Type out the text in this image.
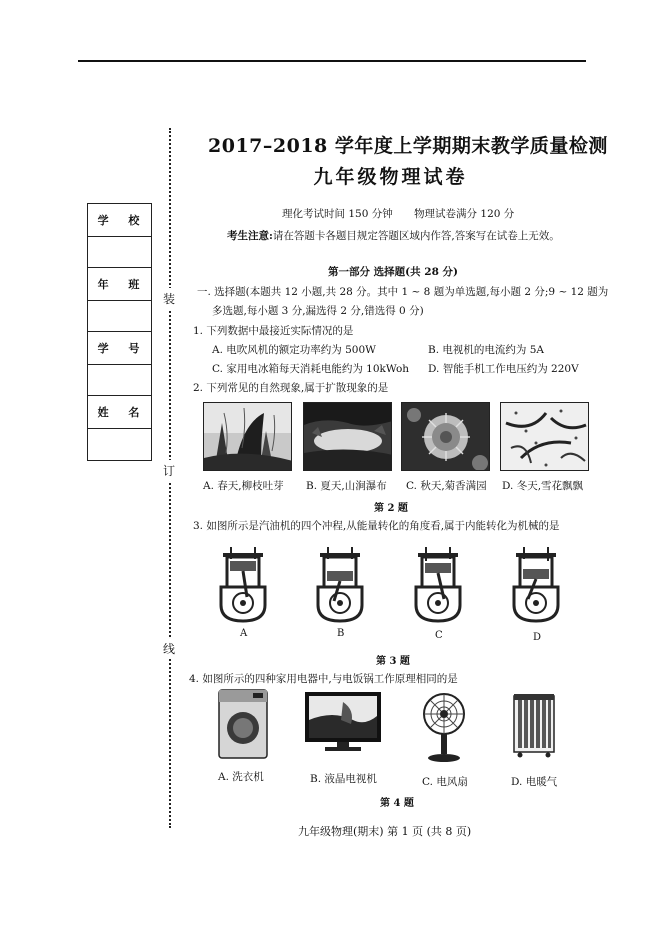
2017–2018 学年度上学期期末教学质量检测
九年级物理试卷
装
订
线
学 校
年 班
学 号
姓 名
理化考试时间 150 分钟 物理试卷满分 120 分
考生注意:请在答题卡各题目规定答题区域内作答,答案写在试卷上无效。
第一部分 选择题(共 28 分)
一. 选择题(本题共 12 小题,共 28 分。其中 1 ~ 8 题为单选题,每小题 2 分;9 ~ 12 题为
多选题,每小题 3 分,漏选得 2 分,错选得 0 分)
1. 下列数据中最接近实际情况的是
A. 电吹风机的额定功率约为 500W	B. 电视机的电流约为 5A
C. 家用电冰箱每天消耗电能约为 10kWoh D. 智能手机工作电压约为 220V
2. 下列常见的自然现象,属于扩散现象的是
A. 春天,柳枝吐芽 B. 夏天,山涧瀑布 C. 秋天,菊香满园 D. 冬天,雪花飘飘
第 2 题
3. 如图所示是汽油机的四个冲程,从能量转化的角度看,属于内能转化为机械的是
A	B	C	D
第 3 题
4. 如图所示的四种家用电器中,与电饭锅工作原理相同的是
A. 洗衣机	B. 液晶电视机	C. 电风扇	D. 电暖气
第 4 题
九年级物理(期末) 第 1 页 (共 8 页)
